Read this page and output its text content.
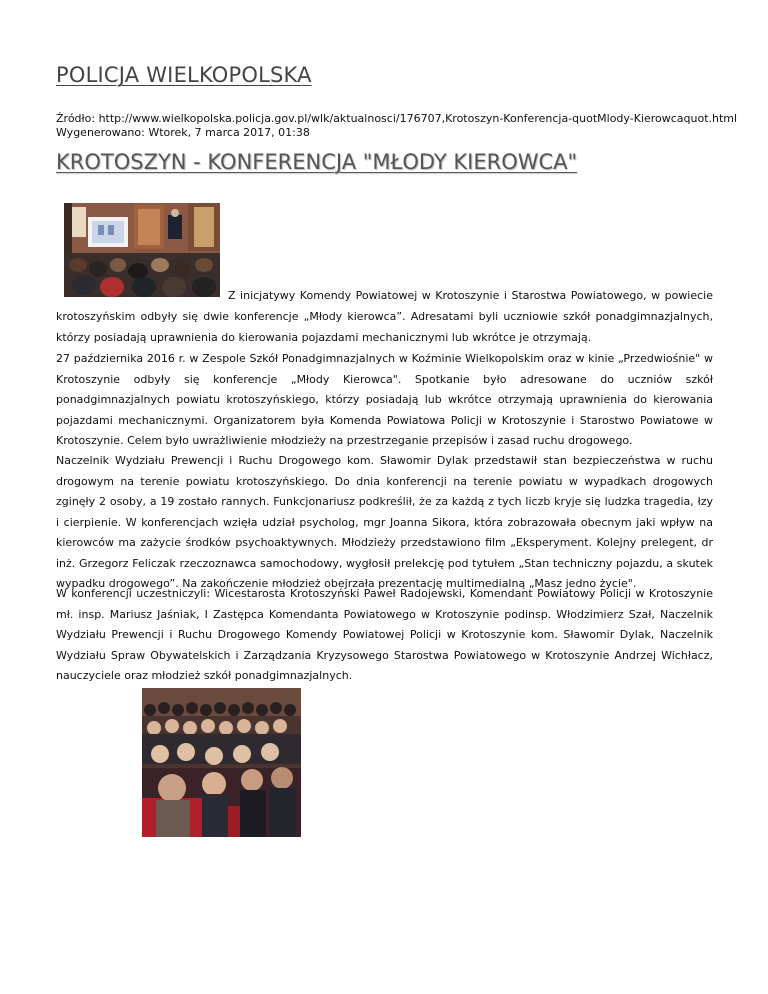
POLICJA WIELKOPOLSKA
Źródło: http://www.wielkopolska.policja.gov.pl/wlk/aktualnosci/176707,Krotoszyn-Konferencja-quotMlody-Kierowcaquot.html
Wygenerowano: Wtorek, 7 marca 2017, 01:38
KROTOSZYN - KONFERENCJA "MŁODY KIEROWCA"

Z inicjatywy Komendy Powiatowej w Krotoszynie i Starostwa Powiatowego, w powiecie krotoszyńskim odbyły się dwie konferencje „Młody kierowca”. Adresatami byli uczniowie szkół ponadgimnazjalnych, którzy posiadają uprawnienia do kierowania pojazdami mechanicznymi lub wkrótce je otrzymają.

27 października 2016 r. w Zespole Szkół Ponadgimnazjalnych w Koźminie Wielkopolskim oraz w kinie „Przedwiośnie" w Krotoszynie odbyły się konferencje „Młody Kierowca". Spotkanie było adresowane do uczniów szkół ponadgimnazjalnych powiatu krotoszyńskiego, którzy posiadają lub wkrótce otrzymają uprawnienia do kierowania pojazdami mechanicznymi. Organizatorem była Komenda Powiatowa Policji w Krotoszynie i Starostwo Powiatowe w Krotoszynie. Celem było uwrażliwienie młodzieży na przestrzeganie przepisów i zasad ruchu drogowego.

Naczelnik Wydziału Prewencji i Ruchu Drogowego kom. Sławomir Dylak przedstawił stan bezpieczeństwa w ruchu drogowym na terenie powiatu krotoszyńskiego. Do dnia konferencji na terenie powiatu w wypadkach drogowych zginęły 2 osoby, a 19 zostało rannych. Funkcjonariusz podkreślił, że za każdą z tych liczb kryje się ludzka tragedia, łzy i cierpienie. W konferencjach wzięła udział psycholog, mgr Joanna Sikora, która zobrazowała obecnym jaki wpływ na kierowców ma zażycie środków psychoaktywnych. Młodzieży przedstawiono film „Eksperyment. Kolejny prelegent, dr inż. Grzegorz Feliczak rzeczoznawca samochodowy, wygłosił prelekcję pod tytułem „Stan techniczny pojazdu, a skutek wypadku drogowego”. Na zakończenie młodzież obejrzała prezentację multimedialną „Masz jedno życie".

W konferencji uczestniczyli: Wicestarosta Krotoszyński Paweł Radojewski, Komendant Powiatowy Policji w Krotoszynie mł. insp. Mariusz Jaśniak, I Zastępca Komendanta Powiatowego w Krotoszynie podinsp. Włodzimierz Szał, Naczelnik Wydziału Prewencji i Ruchu Drogowego Komendy Powiatowej Policji w Krotoszynie kom. Sławomir Dylak, Naczelnik Wydziału Spraw Obywatelskich i Zarządzania Kryzysowego Starostwa Powiatowego w Krotoszynie Andrzej Wichłacz, nauczyciele oraz młodzież szkół ponadgimnazjalnych.
